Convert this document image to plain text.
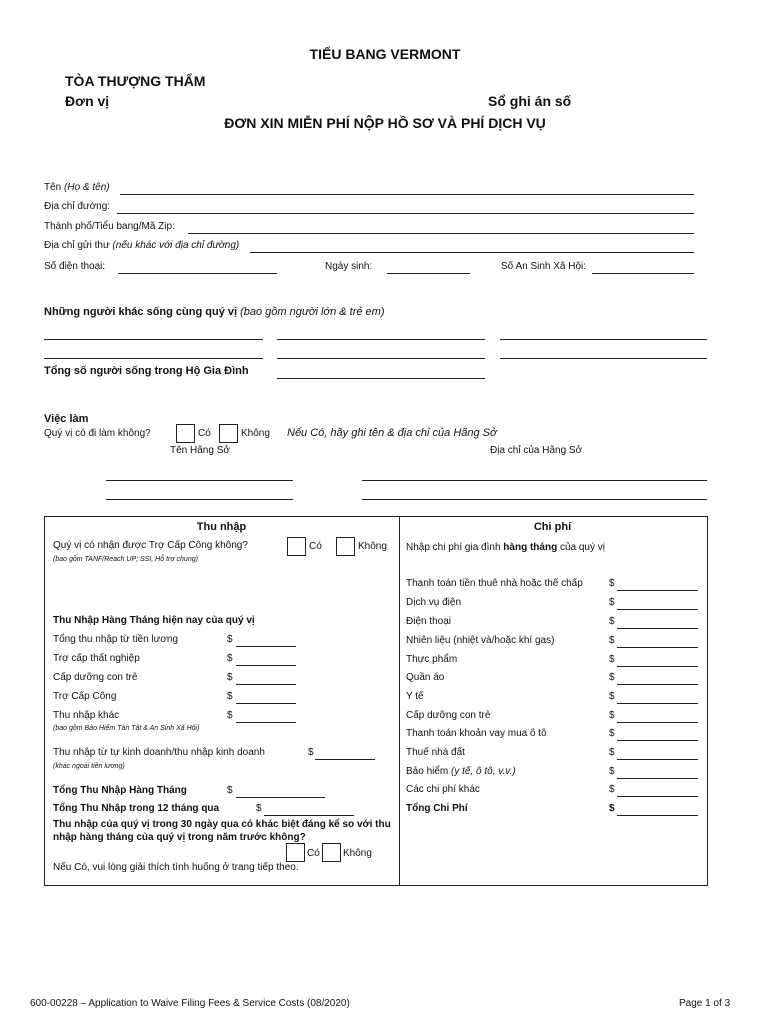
TIỂU BANG VERMONT
TÒA THƯỢNG THẨM
Đơn vị	Sổ ghi án số
ĐƠN XIN MIỄN PHÍ NỘP HỒ SƠ VÀ PHÍ DỊCH VỤ
Tên (Họ & tên)
Địa chỉ đường:
Thành phố/Tiểu bang/Mã Zip:
Địa chỉ gửi thư (nếu khác với địa chỉ đường)
Số điện thoại:	Ngày sinh:	Số An Sinh Xã Hội:
Những người khác sống cùng quý vị (bao gồm người lớn & trẻ em)
Tổng số người sống trong Hộ Gia Đình
Việc làm
Quý vị có đi làm không?	Có	Không Nếu Có, hãy ghi tên & địa chỉ của Hãng Sở
Tên Hãng Sở	Địa chỉ của Hãng Sở
Thu nhập
Quý vị có nhận được Trợ Cấp Công không?	Có	Không
(bao gồm TANF/Reach UP; SSI, Hỗ trợ chung)
Thu Nhập Hàng Tháng hiện nay của quý vị
Tổng thu nhập từ tiền lương	$
Trợ cấp thất nghiệp	$
Cấp dưỡng con trẻ	$
Trợ Cấp Công	$
Thu nhập khác	$
(bao gồm Bảo Hiểm Tàn Tật & An Sinh Xã Hội)
Thu nhập từ tự kinh doanh/thu nhập kinh doanh	$
(khác ngoài tiền lương)
Tổng Thu Nhập Hàng Tháng	$
Tổng Thu Nhập trong 12 tháng qua	$
Thu nhập của quý vị trong 30 ngày qua có khác biệt đáng kể so với thu
nhập hàng tháng của quý vị trong năm trước không?
Có Không
Nếu Có, vui lòng giải thích tình huống ở trang tiếp theo.
Chi phí
Nhập chi phí gia đình hàng tháng của quý vị
Thanh toán tiền thuê nhà hoặc thế chấp	$
Dịch vụ điện	$
Điện thoại	$
Nhiên liệu (nhiệt và/hoặc khí gas)	$
Thực phẩm	$
Quần áo	$
Y tế	$
Cấp dưỡng con trẻ	$
Thanh toán khoản vay mua ô tô	$
Thuế nhà đất	$
Bảo hiểm (y tế, ô tô, v.v.)	$
Các chi phí khác	$
Tổng Chi Phí	$
600-00228 – Application to Waive Filing Fees & Service Costs (08/2020)	Page 1 of 3
